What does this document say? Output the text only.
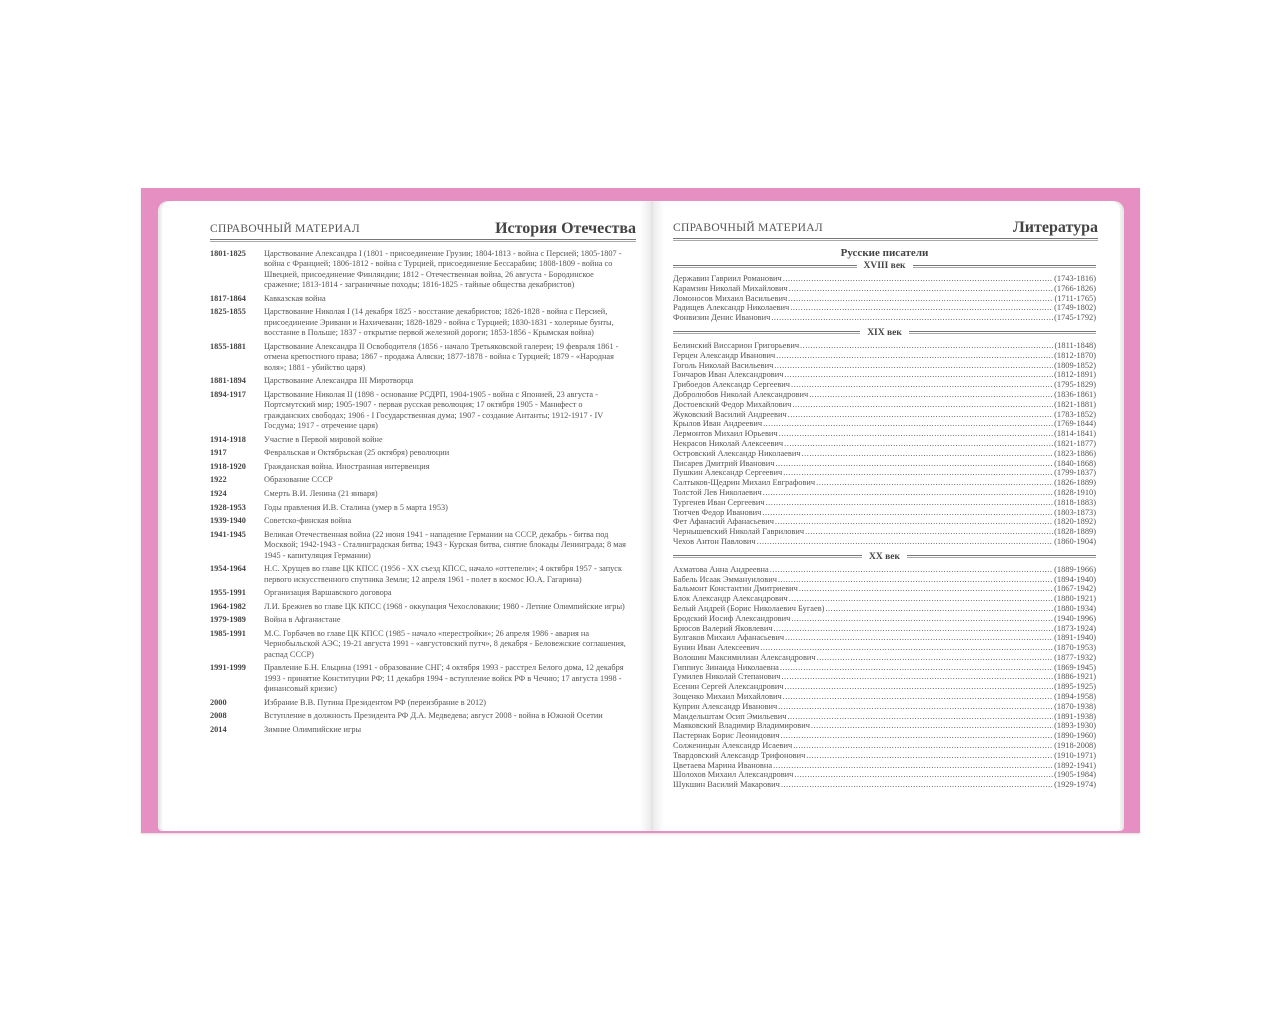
СПРАВОЧНЫЙ МАТЕРИАЛ	История Отечества
1801-1825	Царствование Александра I (1801 - присоединение Грузии; 1804-1813 - война с Персией; 1805-1807 - война с Францией; 1806-1812 - война с Турцией, присоединение Бессарабии; 1808-1809 - война со Швецией, присоединение Финляндии; 1812 - Отечественная война, 26 августа - Бородинское сражение; 1813-1814 - заграничные походы; 1816-1825 - тайные общества декабристов)
1817-1864	Кавказская война
1825-1855	Царствование Николая I (14 декабря 1825 - восстание декабристов; 1826-1828 - война с Персией, присоединение Эривани и Нахичевани; 1828-1829 - война с Турцией; 1830-1831 - холерные бунты, восстание в Польше; 1837 - открытие первой железной дороги; 1853-1856 - Крымская война)
1855-1881	Царствование Александра II Освободителя (1856 - начало Третьяковской галереи; 19 февраля 1861 - отмена крепостного права; 1867 - продажа Аляски; 1877-1878 - война с Турцией; 1879 - «Народная воля»; 1881 - убийство царя)
1881-1894	Царствование Александра III Миротворца
1894-1917	Царствование Николая II (1898 - основание РСДРП, 1904-1905 - война с Японией, 23 августа - Портсмутский мир; 1905-1907 - первая русская революция; 17 октября 1905 - Манифест о гражданских свободах; 1906 - I Государственная дума; 1907 - создание Антанты; 1912-1917 - IV Госдума; 1917 - отречение царя)
1914-1918	Участие в Первой мировой войне
1917	Февральская и Октябрьская (25 октября) революции
1918-1920	Гражданская война. Иностранная интервенция
1922	Образование СССР
1924	Смерть В.И. Ленина (21 января)
1928-1953	Годы правления И.В. Сталина (умер в 5 марта 1953)
1939-1940	Советско-финская война
1941-1945	Великая Отечественная война (22 июня 1941 - нападение Германии на СССР, декабрь - битва под Москвой; 1942-1943 - Сталинградская битва; 1943 - Курская битва, снятие блокады Ленинграда; 8 мая 1945 - капитуляция Германии)
1954-1964	Н.С. Хрущев во главе ЦК КПСС (1956 - XX съезд КПСС, начало «оттепели»; 4 октября 1957 - запуск первого искусственного спутника Земли; 12 апреля 1961 - полет в космос Ю.А. Гагарина)
1955-1991	Организация Варшавского договора
1964-1982	Л.И. Брежнев во главе ЦК КПСС (1968 - оккупация Чехословакии; 1980 - Летние Олимпийские игры)
1979-1989	Война в Афганистане
1985-1991	М.С. Горбачев во главе ЦК КПСС (1985 - начало «перестройки»; 26 апреля 1986 - авария на Чернобыльской АЭС; 19-21 августа 1991 - «августовский путч», 8 декабря - Беловежские соглашения, распад СССР)
1991-1999	Правление Б.Н. Ельцина (1991 - образование СНГ; 4 октября 1993 - расстрел Белого дома, 12 декабря 1993 - принятие Конституции РФ; 11 декабря 1994 - вступление войск РФ в Чечню; 17 августа 1998 - финансовый кризис)
2000	Избрание В.В. Путина Президентом РФ (переизбрание в 2012)
2008	Вступление в должность Президента РФ Д.А. Медведева; август 2008 - война в Южной Осетии
2014	Зимние Олимпийские игры
СПРАВОЧНЫЙ МАТЕРИАЛ	Литература
Русские писатели
XVIII век
Державин Гавриил Романович .....	(1743-1816)
Карамзин Николай Михайлович .....	(1766-1826)
Ломоносов Михаил Васильевич .....	(1711-1765)
Радищев Александр Николаевич .....	(1749-1802)
Фонвизин Денис Иванович .....	(1745-1792)
XIX век
Белинский Виссарион Григорьевич .....	(1811-1848)
Герцен Александр Иванович .....	(1812-1870)
Гоголь Николай Васильевич .....	(1809-1852)
Гончаров Иван Александрович .....	(1812-1891)
Грибоедов Александр Сергеевич .....	(1795-1829)
Добролюбов Николай Александрович .....	(1836-1861)
Достоевский Федор Михайлович .....	(1821-1881)
Жуковский Василий Андреевич .....	(1783-1852)
Крылов Иван Андреевич .....	(1769-1844)
Лермонтов Михаил Юрьевич .....	(1814-1841)
Некрасов Николай Алексеевич .....	(1821-1877)
Островский Александр Николаевич .....	(1823-1886)
Писарев Дмитрий Иванович .....	(1840-1868)
Пушкин Александр Сергеевич .....	(1799-1837)
Салтыков-Щедрин Михаил Евграфович .....	(1826-1889)
Толстой Лев Николаевич .....	(1828-1910)
Тургенев Иван Сергеевич .....	(1818-1883)
Тютчев Федор Иванович .....	(1803-1873)
Фет Афанасий Афанасьевич .....	(1820-1892)
Чернышевский Николай Гаврилович .....	(1828-1889)
Чехов Антон Павлович .....	(1860-1904)
XX век
Ахматова Анна Андреевна .....	(1889-1966)
Бабель Исаак Эммануилович .....	(1894-1940)
Бальмонт Константин Дмитриевич .....	(1867-1942)
Блок Александр Александрович .....	(1880-1921)
Белый Андрей (Борис Николаевич Бугаев) .....	(1880-1934)
Бродский Иосиф Александрович .....	(1940-1996)
Брюсов Валерий Яковлевич .....	(1873-1924)
Булгаков Михаил Афанасьевич .....	(1891-1940)
Бунин Иван Алексеевич .....	(1870-1953)
Волошин Максимилиан Александрович .....	(1877-1932)
Гиппиус Зинаида Николаевна .....	(1869-1945)
Гумилев Николай Степанович .....	(1886-1921)
Есенин Сергей Александрович .....	(1895-1925)
Зощенко Михаил Михайлович .....	(1894-1958)
Куприн Александр Иванович .....	(1870-1938)
Мандельштам Осип Эмильевич .....	(1891-1938)
Маяковский Владимир Владимирович .....	(1893-1930)
Пастернак Борис Леонидович .....	(1890-1960)
Солженицын Александр Исаевич .....	(1918-2008)
Твардовский Александр Трифонович .....	(1910-1971)
Цветаева Марина Ивановна .....	(1892-1941)
Шолохов Михаил Александрович .....	(1905-1984)
Шукшин Василий Макарович .....	(1929-1974)
